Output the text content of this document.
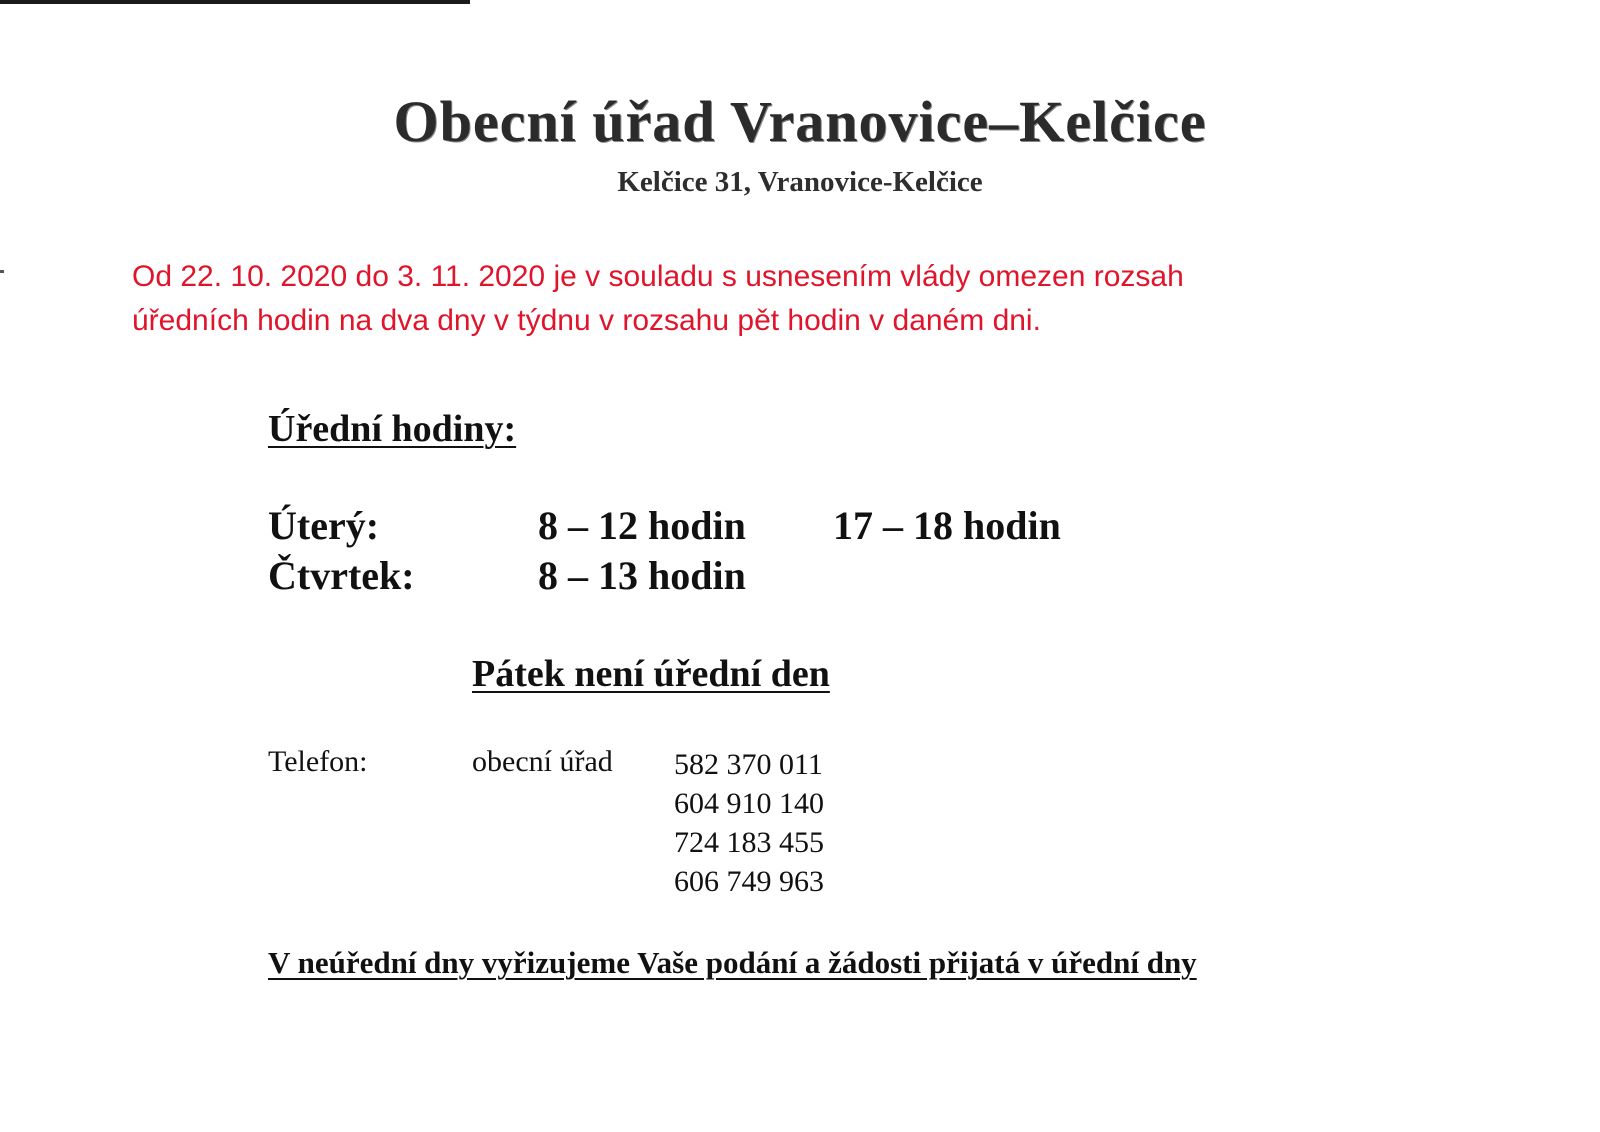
Obecní úřad Vranovice–Kelčice
Kelčice 31, Vranovice-Kelčice
Od 22. 10. 2020 do 3. 11. 2020 je v souladu s usnesením vlády omezen rozsah
úředních hodin na dva dny v týdnu v rozsahu pět hodin v daném dni.
Úřední hodiny:
Úterý:	8 – 12 hodin 17 – 18 hodin
Čtvrtek:	8 – 13 hodin
Pátek není úřední den
Telefon:	obecní úřad 582 370 011
604 910 140
724 183 455
606 749 963
V neúřední dny vyřizujeme Vaše podání a žádosti přijatá v úřední dny
